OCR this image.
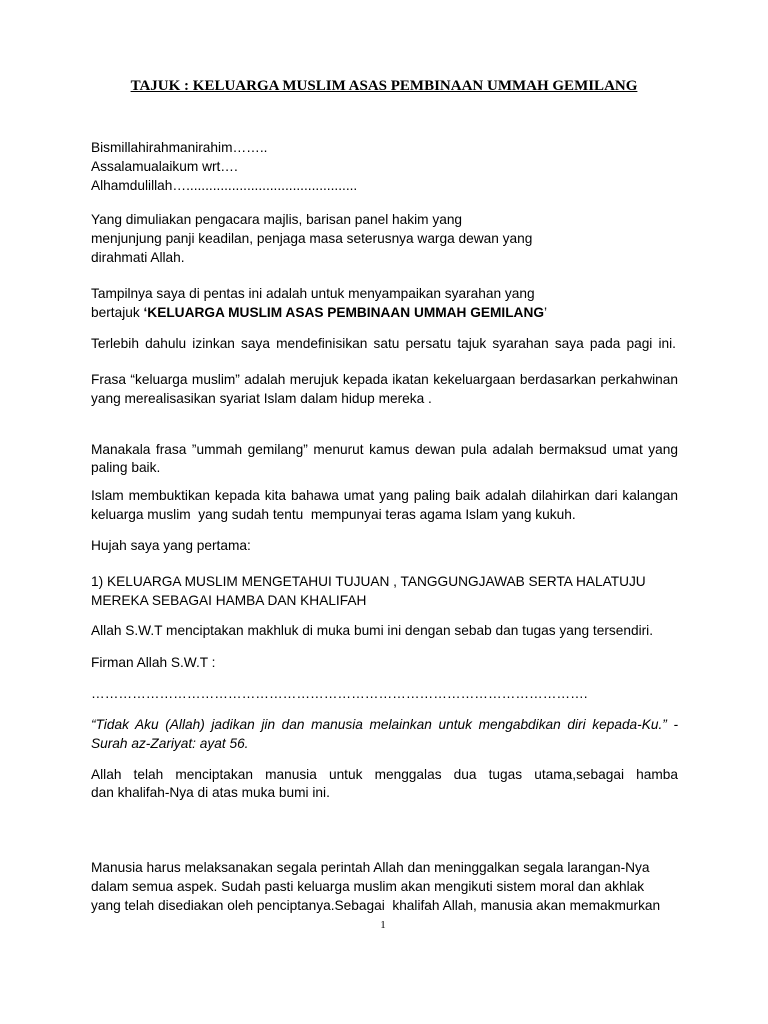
TAJUK : KELUARGA MUSLIM ASAS PEMBINAAN UMMAH GEMILANG
Bismillahirahmanirahim……..
Assalamualaikum wrt….
Alhamdulillah….............................................
Yang dimuliakan pengacara majlis, barisan panel hakim yang
menjunjung panji keadilan, penjaga masa seterusnya warga dewan yang
dirahmati Allah.
Tampilnya saya di pentas ini adalah untuk menyampaikan syarahan yang
bertajuk ‘KELUARGA MUSLIM ASAS PEMBINAAN UMMAH GEMILANG’
Terlebih dahulu izinkan saya mendefinisikan satu persatu tajuk syarahan saya pada pagi ini.
Frasa “keluarga muslim” adalah merujuk kepada ikatan kekeluargaan berdasarkan perkahwinan
yang merealisasikan syariat Islam dalam hidup mereka .
Manakala frasa ”ummah gemilang” menurut kamus dewan pula adalah bermaksud umat yang
paling baik.
Islam membuktikan kepada kita bahawa umat yang paling baik adalah dilahirkan dari kalangan
keluarga muslim  yang sudah tentu  mempunyai teras agama Islam yang kukuh.
Hujah saya yang pertama:
1) KELUARGA MUSLIM MENGETAHUI TUJUAN , TANGGUNGJAWAB SERTA HALATUJU
MEREKA SEBAGAI HAMBA DAN KHALIFAH
Allah S.W.T menciptakan makhluk di muka bumi ini dengan sebab dan tugas yang tersendiri.
Firman Allah S.W.T :
……………………………………………………………………………………………….
“Tidak Aku (Allah) jadikan jin dan manusia melainkan untuk mengabdikan diri kepada-Ku.” -
Surah az-Zariyat: ayat 56.
Allah telah menciptakan manusia untuk menggalas dua tugas utama,sebagai hamba
dan khalifah-Nya di atas muka bumi ini.
Manusia harus melaksanakan segala perintah Allah dan meninggalkan segala larangan-Nya
dalam semua aspek. Sudah pasti keluarga muslim akan mengikuti sistem moral dan akhlak
yang telah disediakan oleh penciptanya.Sebagai  khalifah Allah, manusia akan memakmurkan
1
